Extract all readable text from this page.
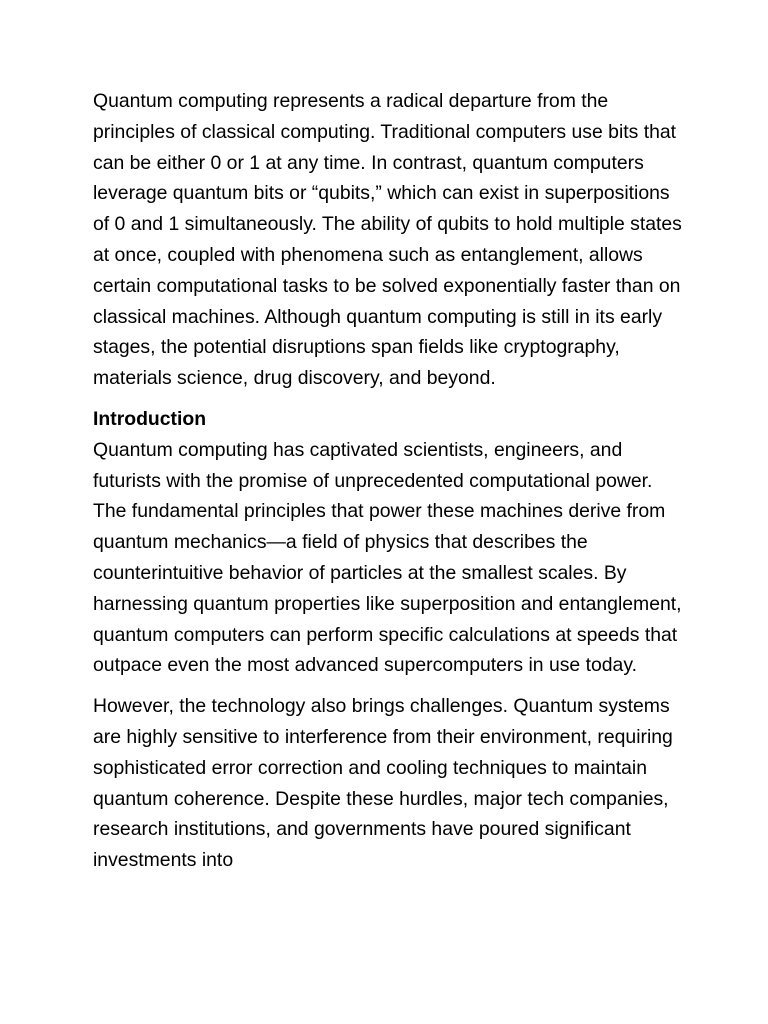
Quantum computing represents a radical departure from the principles of classical computing. Traditional computers use bits that can be either 0 or 1 at any time. In contrast, quantum computers leverage quantum bits or “qubits,” which can exist in superpositions of 0 and 1 simultaneously. The ability of qubits to hold multiple states at once, coupled with phenomena such as entanglement, allows certain computational tasks to be solved exponentially faster than on classical machines. Although quantum computing is still in its early stages, the potential disruptions span fields like cryptography, materials science, drug discovery, and beyond.

Introduction

Quantum computing has captivated scientists, engineers, and futurists with the promise of unprecedented computational power. The fundamental principles that power these machines derive from quantum mechanics—a field of physics that describes the counterintuitive behavior of particles at the smallest scales. By harnessing quantum properties like superposition and entanglement, quantum computers can perform specific calculations at speeds that outpace even the most advanced supercomputers in use today.

However, the technology also brings challenges. Quantum systems are highly sensitive to interference from their environment, requiring sophisticated error correction and cooling techniques to maintain quantum coherence. Despite these hurdles, major tech companies, research institutions, and governments have poured significant investments into
